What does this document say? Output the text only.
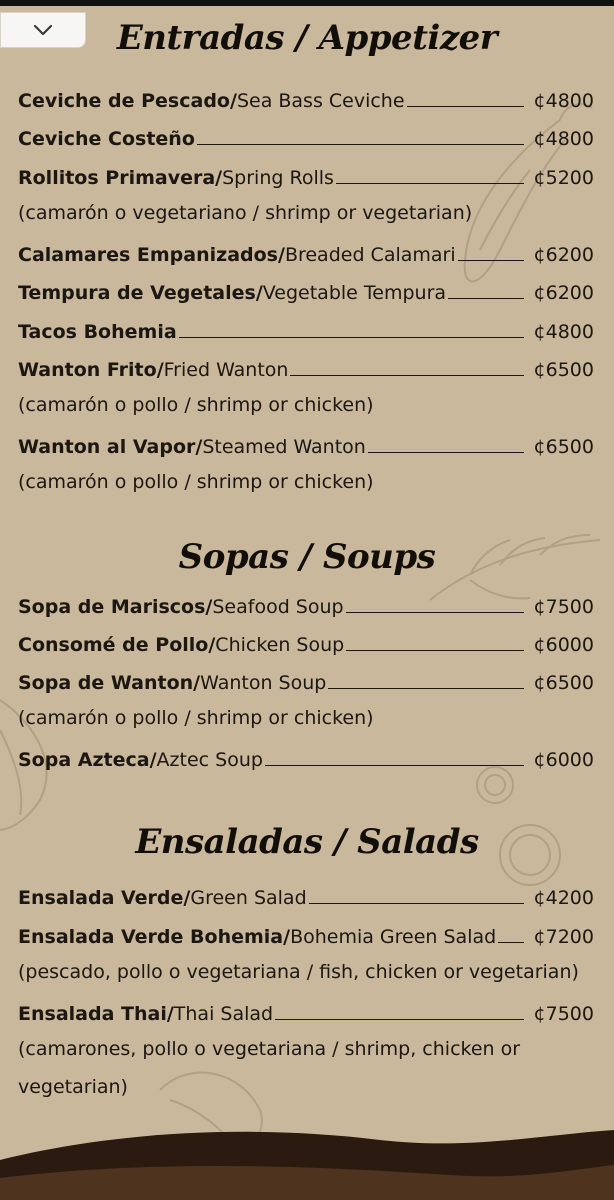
Entradas / Appetizer
Ceviche de Pescado / Sea Bass Ceviche	¢4800
Ceviche Costeño	¢4800
Rollitos Primavera / Spring Rolls	¢5200
(camarón o vegetariano / shrimp or vegetarian)
Calamares Empanizados / Breaded Calamari	¢6200
Tempura de Vegetales / Vegetable Tempura	¢6200
Tacos Bohemia	¢4800
Wanton Frito / Fried Wanton	¢6500
(camarón o pollo / shrimp or chicken)
Wanton al Vapor / Steamed Wanton	¢6500
(camarón o pollo / shrimp or chicken)
Sopas / Soups
Sopa de Mariscos / Seafood Soup	¢7500
Consomé de Pollo / Chicken Soup	¢6000
Sopa de Wanton / Wanton Soup	¢6500
(camarón o pollo / shrimp or chicken)
Sopa Azteca / Aztec Soup	¢6000
Ensaladas / Salads
Ensalada Verde / Green Salad	¢4200
Ensalada Verde Bohemia / Bohemia Green Salad ¢7200
(pescado, pollo o vegetariana / fish, chicken or vegetarian)
Ensalada Thai / Thai Salad	¢7500
(camarones, pollo o vegetariana / shrimp, chicken or
vegetarian)
